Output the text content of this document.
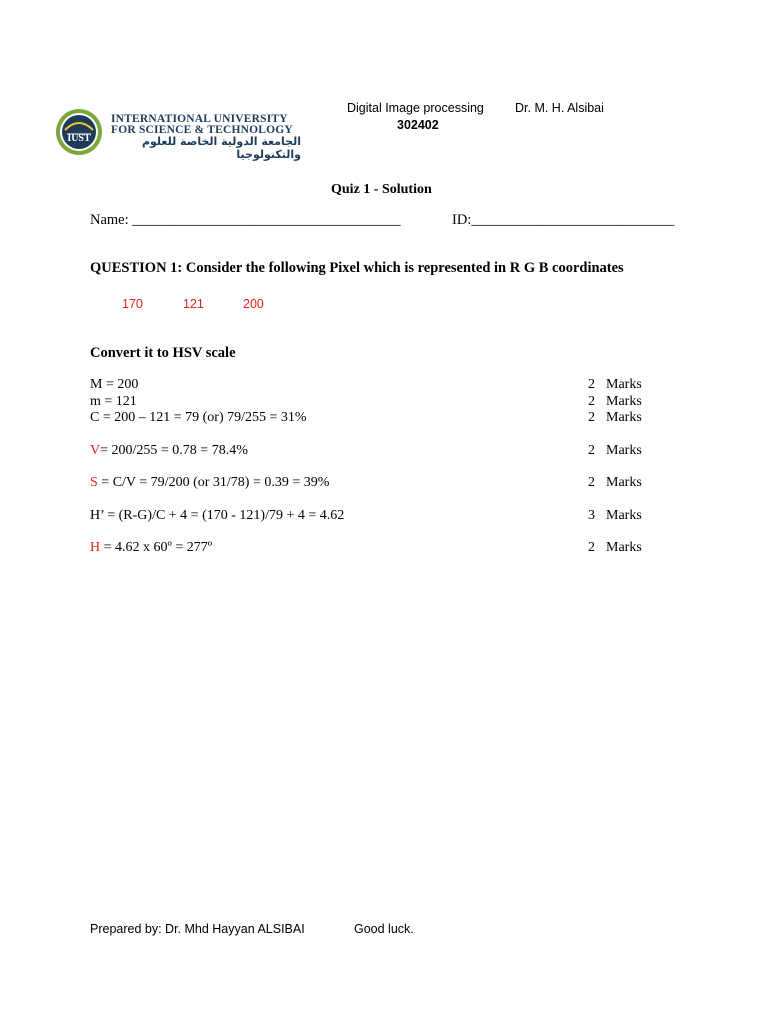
IUST
INTERNATIONAL UNIVERSITY
FOR SCIENCE & TECHNOLOGY
الجامعة الدولية الخاصة للعلوم والتكنولوجيا
Digital Image processing Dr. M. H. Alsibai
302402
Quiz 1 - Solution
Name: _____________________________________	ID:____________________________
QUESTION 1: Consider the following Pixel which is represented in R G B coordinates
170	121	200
Convert it to HSV scale
M = 200	2 Marks
m = 121	2 Marks
C = 200 – 121 = 79 (or) 79/255 = 31%	2 Marks
V= 200/255 = 0.78 = 78.4%	2 Marks
S = C/V = 79/200 (or 31/78) = 0.39 = 39%	2 Marks
H’ = (R-G)/C + 4 = (170 - 121)/79 + 4 = 4.62	3 Marks
H = 4.62 x 60º = 277º	2 Marks
Prepared by: Dr. Mhd Hayyan ALSIBAI	Good luck.
